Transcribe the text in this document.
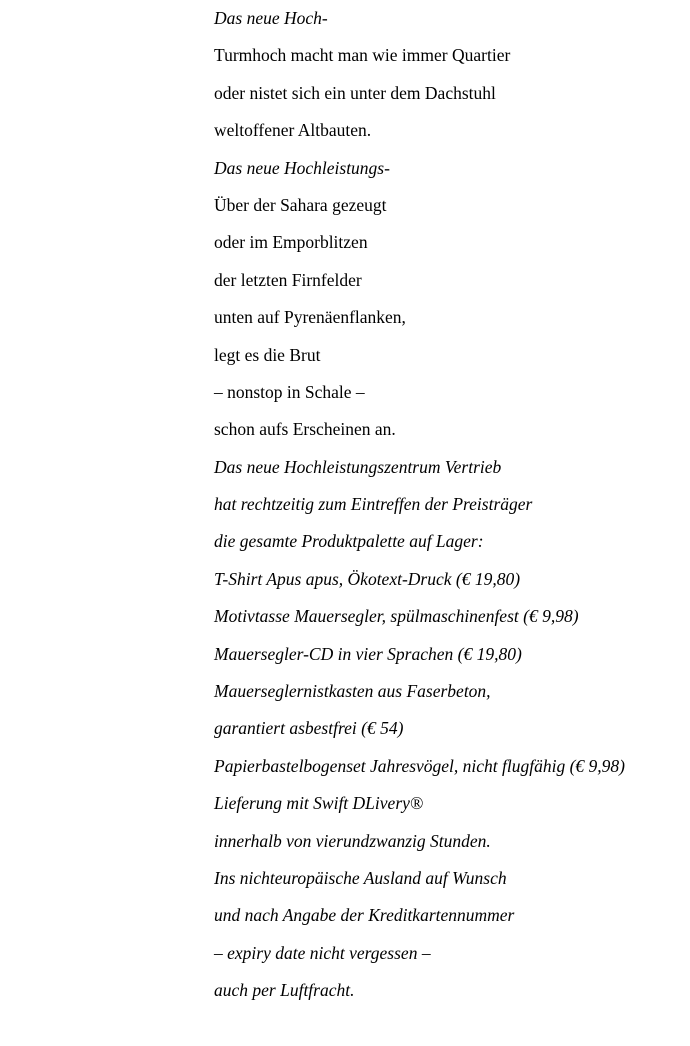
Das neue Hoch-
Turmhoch macht man wie immer Quartier
oder nistet sich ein unter dem Dachstuhl
weltoffener Altbauten.
Das neue Hochleistungs-
Über der Sahara gezeugt
oder im Emporblitzen
der letzten Firnfelder
unten auf Pyrenäenflanken,
legt es die Brut
– nonstop in Schale –
schon aufs Erscheinen an.
Das neue Hochleistungszentrum Vertrieb
hat rechtzeitig zum Eintreffen der Preisträger
die gesamte Produktpalette auf Lager:
T-Shirt Apus apus, Ökotext-Druck (€ 19,80)
Motivtasse Mauersegler, spülmaschinenfest (€ 9,98)
Mauersegler-CD in vier Sprachen (€ 19,80)
Mauerseglernistkasten aus Faserbeton,
garantiert asbestfrei (€ 54)
Papierbastelbogenset Jahresvögel, nicht flugfähig (€ 9,98)
Lieferung mit Swift DLivery®
innerhalb von vierundzwanzig Stunden.
Ins nichteuropäische Ausland auf Wunsch
und nach Angabe der Kreditkartennummer
– expiry date nicht vergessen –
auch per Luftfracht.
